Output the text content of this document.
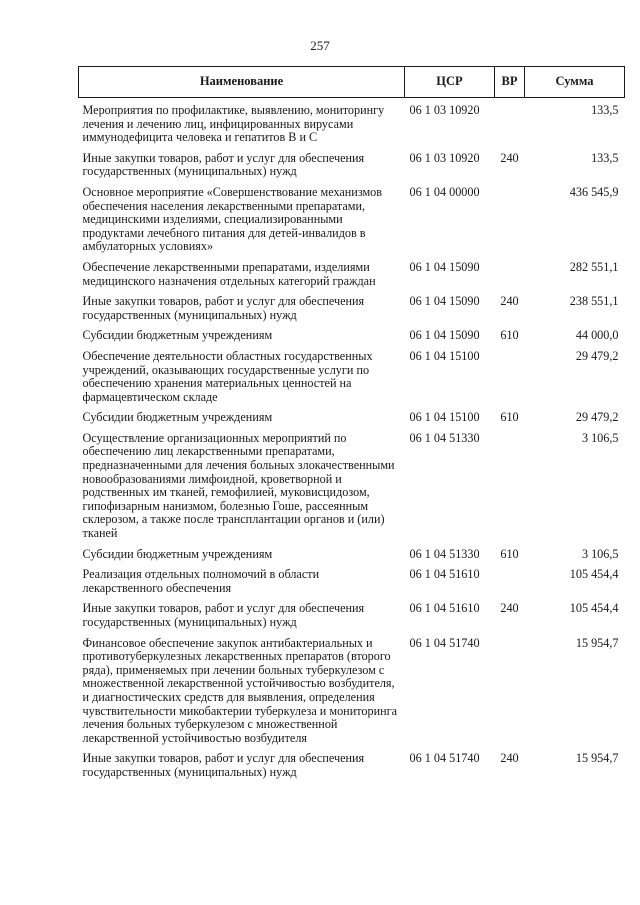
257
Наименование	ЦСР	ВР	Сумма

Мероприятия по профилактике, выявлению, мониторингу лечения и лечению лиц, инфицированных вирусами иммунодефицита человека и гепатитов В и С	06 1 03 10920		133,5
Иные закупки товаров, работ и услуг для обеспечения государственных (муниципальных) нужд	06 1 03 10920	240	133,5
Основное мероприятие «Совершенствование механизмов обеспечения населения лекарственными препаратами, медицинскими изделиями, специализированными продуктами лечебного питания для детей-инвалидов в амбулаторных условиях»	06 1 04 00000		436 545,9
Обеспечение лекарственными препаратами, изделиями медицинского назначения отдельных категорий граждан	06 1 04 15090		282 551,1
Иные закупки товаров, работ и услуг для обеспечения государственных (муниципальных) нужд	06 1 04 15090	240	238 551,1
Субсидии бюджетным учреждениям	06 1 04 15090	610	44 000,0
Обеспечение деятельности областных государственных учреждений, оказывающих государственные услуги по обеспечению хранения материальных ценностей на фармацевтическом складе	06 1 04 15100		29 479,2
Субсидии бюджетным учреждениям	06 1 04 15100	610	29 479,2
Осуществление организационных мероприятий по обеспечению лиц лекарственными препаратами, предназначенными для лечения больных злокачественными новообразованиями лимфоидной, кроветворной и родственных им тканей, гемофилией, муковисцидозом, гипофизарным нанизмом, болезнью Гоше, рассеянным склерозом, а также после трансплантации органов и (или) тканей	06 1 04 51330		3 106,5
Субсидии бюджетным учреждениям	06 1 04 51330	610	3 106,5
Реализация отдельных полномочий в области лекарственного обеспечения	06 1 04 51610		105 454,4
Иные закупки товаров, работ и услуг для обеспечения государственных (муниципальных) нужд	06 1 04 51610	240	105 454,4
Финансовое обеспечение закупок антибактериальных и противотуберкулезных лекарственных препаратов (второго ряда), применяемых при лечении больных туберкулезом с множественной лекарственной устойчивостью возбудителя, и диагностических средств для выявления, определения чувствительности микобактерии туберкулеза и мониторинга лечения больных туберкулезом с множественной лекарственной устойчивостью возбудителя	06 1 04 51740		15 954,7
Иные закупки товаров, работ и услуг для обеспечения государственных (муниципальных) нужд	06 1 04 51740	240	15 954,7
